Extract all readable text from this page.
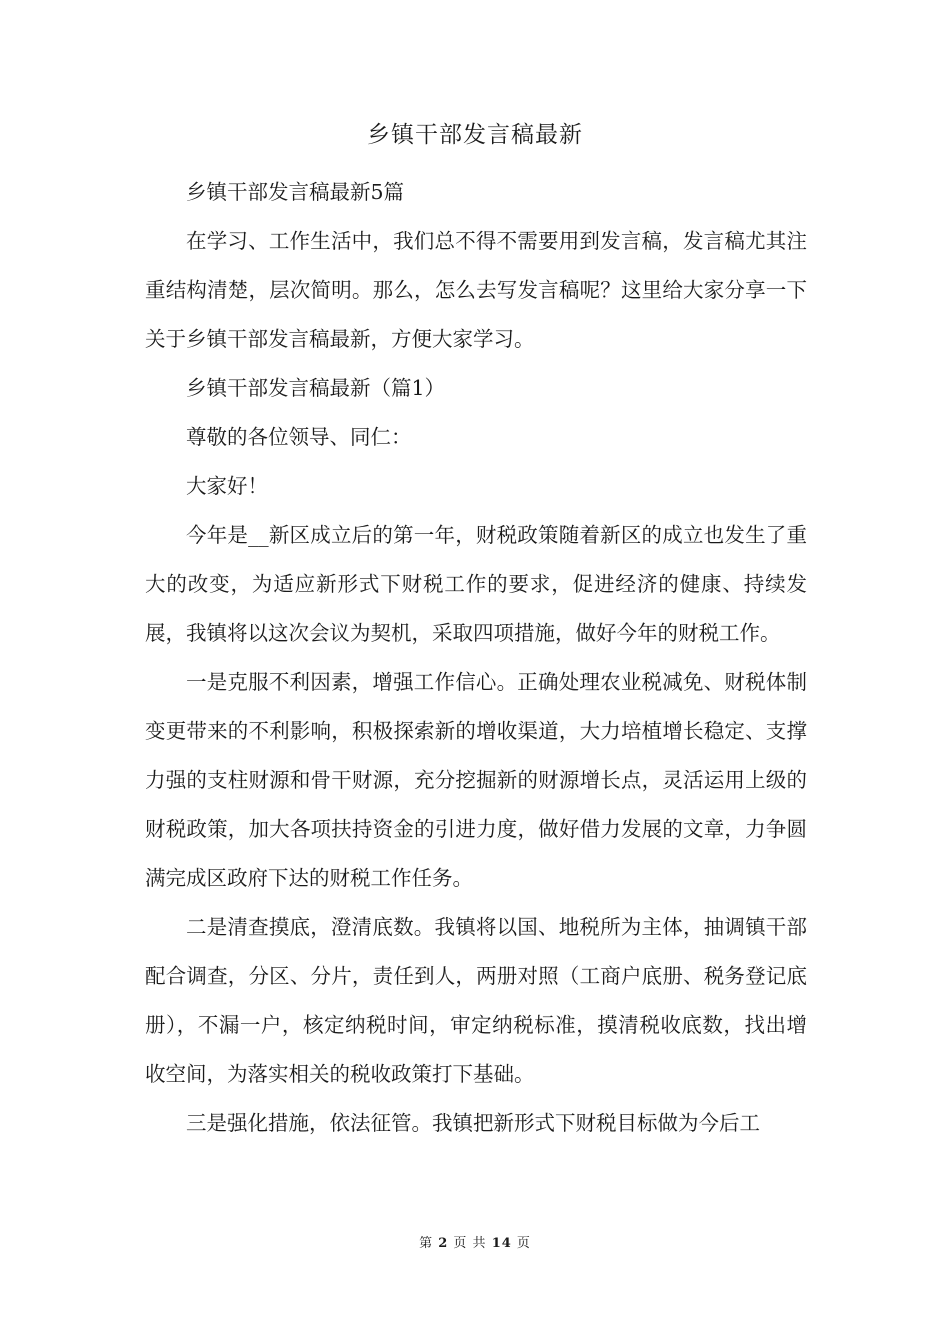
乡镇干部发言稿最新

乡镇干部发言稿最新5篇

在学习、工作生活中，我们总不得不需要用到发言稿，发言稿尤其注重结构清楚，层次简明。那么，怎么去写发言稿呢？这里给大家分享一下关于乡镇干部发言稿最新，方便大家学习。

乡镇干部发言稿最新（篇1）

尊敬的各位领导、同仁：

大家好！

今年是__新区成立后的第一年，财税政策随着新区的成立也发生了重大的改变，为适应新形式下财税工作的要求，促进经济的健康、持续发展，我镇将以这次会议为契机，采取四项措施，做好今年的财税工作。

一是克服不利因素，增强工作信心。正确处理农业税减免、财税体制变更带来的不利影响，积极探索新的增收渠道，大力培植增长稳定、支撑力强的支柱财源和骨干财源，充分挖掘新的财源增长点，灵活运用上级的财税政策，加大各项扶持资金的引进力度，做好借力发展的文章，力争圆满完成区政府下达的财税工作任务。

二是清查摸底，澄清底数。我镇将以国、地税所为主体，抽调镇干部配合调查，分区、分片，责任到人，两册对照（工商户底册、税务登记底册），不漏一户，核定纳税时间，审定纳税标准，摸清税收底数，找出增收空间，为落实相关的税收政策打下基础。

三是强化措施，依法征管。我镇把新形式下财税目标做为今后工

第 2 页 共 14 页
